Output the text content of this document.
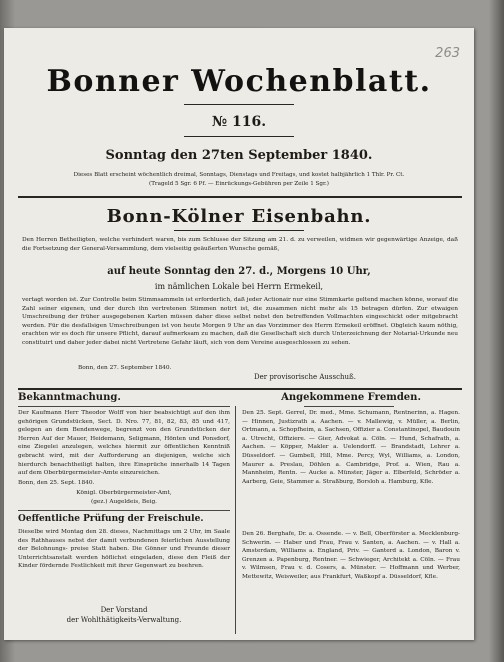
263
Bonner Wochenblatt.
№ 116.
Sonntag den 27ten September 1840.
Dieses Blatt erscheint wöchentlich dreimal, Sonntags, Dienstags und Freitags, und kostet halbjährlich 1 Thlr. Pr. Ct.
(Trageld 5 Sgr. 6 Pf. — Einrückungs-Gebühren per Zeile 1 Sgr.)
Bonn-Kölner Eisenbahn.
Den Herren Betheiligten, welche verhindert waren, bis zum Schlusse der Sitzung am 21. d. zu verweilen, widmen wir gegenwärtige Anzeige, daß die Fortsetzung der General-Versammlung, dem vielseitig geäußerten Wunsche gemäß,
auf heute Sonntag den 27. d., Morgens 10 Uhr,
im nämlichen Lokale bei Herrn Ermekeil,
vertagt worden ist. Zur Controlle beim Stimmsammeln ist erforderlich, daß jeder Actionair nur eine Stimmkarte geltend machen könne, worauf die Zahl seiner eigenen, und der durch ihn vertretenen Stimmen notirt ist, die zusammen nicht mehr als 15 betragen dürfen. Zur etwaigen Umschreibung der früher ausgegebenen Karten müssen daher diese selbst nebst den betreffenden Vollmachten eingeschickt oder mitgebracht werden. Für die desfallsigen Umschreibungen ist von heute Morgen 9 Uhr an das Vorzimmer des Herrn Ermekeil eröffnet. Obgleich kaum nöthig, erachten wir es doch für unsere Pflicht, darauf aufmerksam zu machen, daß die Gesellschaft sich durch Unterzeichnung der Notarial-Urkunde neu constituirt und daher jeder dabei nicht Vertretene Gefahr läuft, sich von dem Vereine ausgeschlossen zu sehen.
Bonn, den 27. September 1840.
Der provisorische Ausschuß.
Bekanntmachung.
Der Kaufmann Herr Theodor Wolff von hier beabsichtigt auf den ihm gehörigen Grundstücken, Sect. D. Nro. 77, 81, 82, 83, 85 und 417, gelegen an dem Bendenwege, begrenzt von den Grundstücken der Herren Auf der Mauer, Heidemann, Seligmann, Hönten und Ponsdorf, eine Ziegelei anzulegen, welches hiermit zur öffentlichen Kenntniß gebracht wird, mit der Aufforderung an diejenigen, welche sich hierdurch benachtheiligt halten, ihre Einsprüche innerhalb 14 Tagen auf dem Oberbürgermeister-Amte einzureichen.
Bonn, den 25. Sept. 1840.
Königl. Oberbürgermeister-Amt,
(gez.) Augeldeis, Beig.
Oeffentliche Prüfung der Freischule.
Dieselbe wird Montag den 28. dieses, Nachmittags um 2 Uhr, im Saale des Rathhauses nebst der damit verbundenen feierlichen Ausstellung der Belohnungs- preise Statt haben. Die Gönner und Freunde dieser Unterrichtsanstalt werden höflichst eingeladen, diese den Fleiß der Kinder fördernde Festlichkeit mit ihrer Gegenwart zu beehren.
Der Vorstand
der Wohlthätigkeits-Verwaltung.
Angekommene Fremden.
Den 25. Sept. Gerrel, Dr. med., Mme. Schumann, Rentnerinn, a. Hagen. — Hinnen, Justizrath a. Aachen. — v. Mallewig, v. Müller, a. Berlin, Ortmann, a. Schopfheim, a. Sachsen, Offizier a. Constantinopel, Baudouin a. Utrecht, Offiziere. — Gier, Advokat a. Cöln. — Hund, Schafrath, a. Aachen. — Köpper, Makler a. Uelendorff. — Brandstadt, Lehrer a. Düsseldorf. — Gumbell, Hill, Mme. Percy, Wyl, Williams, a. London, Maurer a. Preslau, Döhlen a. Cambridge, Prof. a. Wien, Rau a. Mannheim, Rentn. — Aucke a. Münster, Jäger a. Elberfeld, Schröder a. Aarberg, Geie, Stammer a. Straßburg, Borsloh a. Hamburg, Kfle.
Den 26. Berghafe, Dr. a. Ossende. — v. Bell, Oberförster a. Mecklenburg-Schwerin. — Haber und Frau, Frau v. Santen, a. Aachen. — v. Hall a. Amsterdam, Williams a. England, Priv. — Ganterd a. London, Baron v. Grenzen a. Papenburg, Rentner. — Schwieger, Architekt a. Cöln. — Frau v. Wilmsen, Frau v. d. Cosers, a. Münster. — Hoffmann und Werber, Mettewitz, Weisweiler, aus Frankfurt, Waßkopf a. Düsseldorf, Kfle.
